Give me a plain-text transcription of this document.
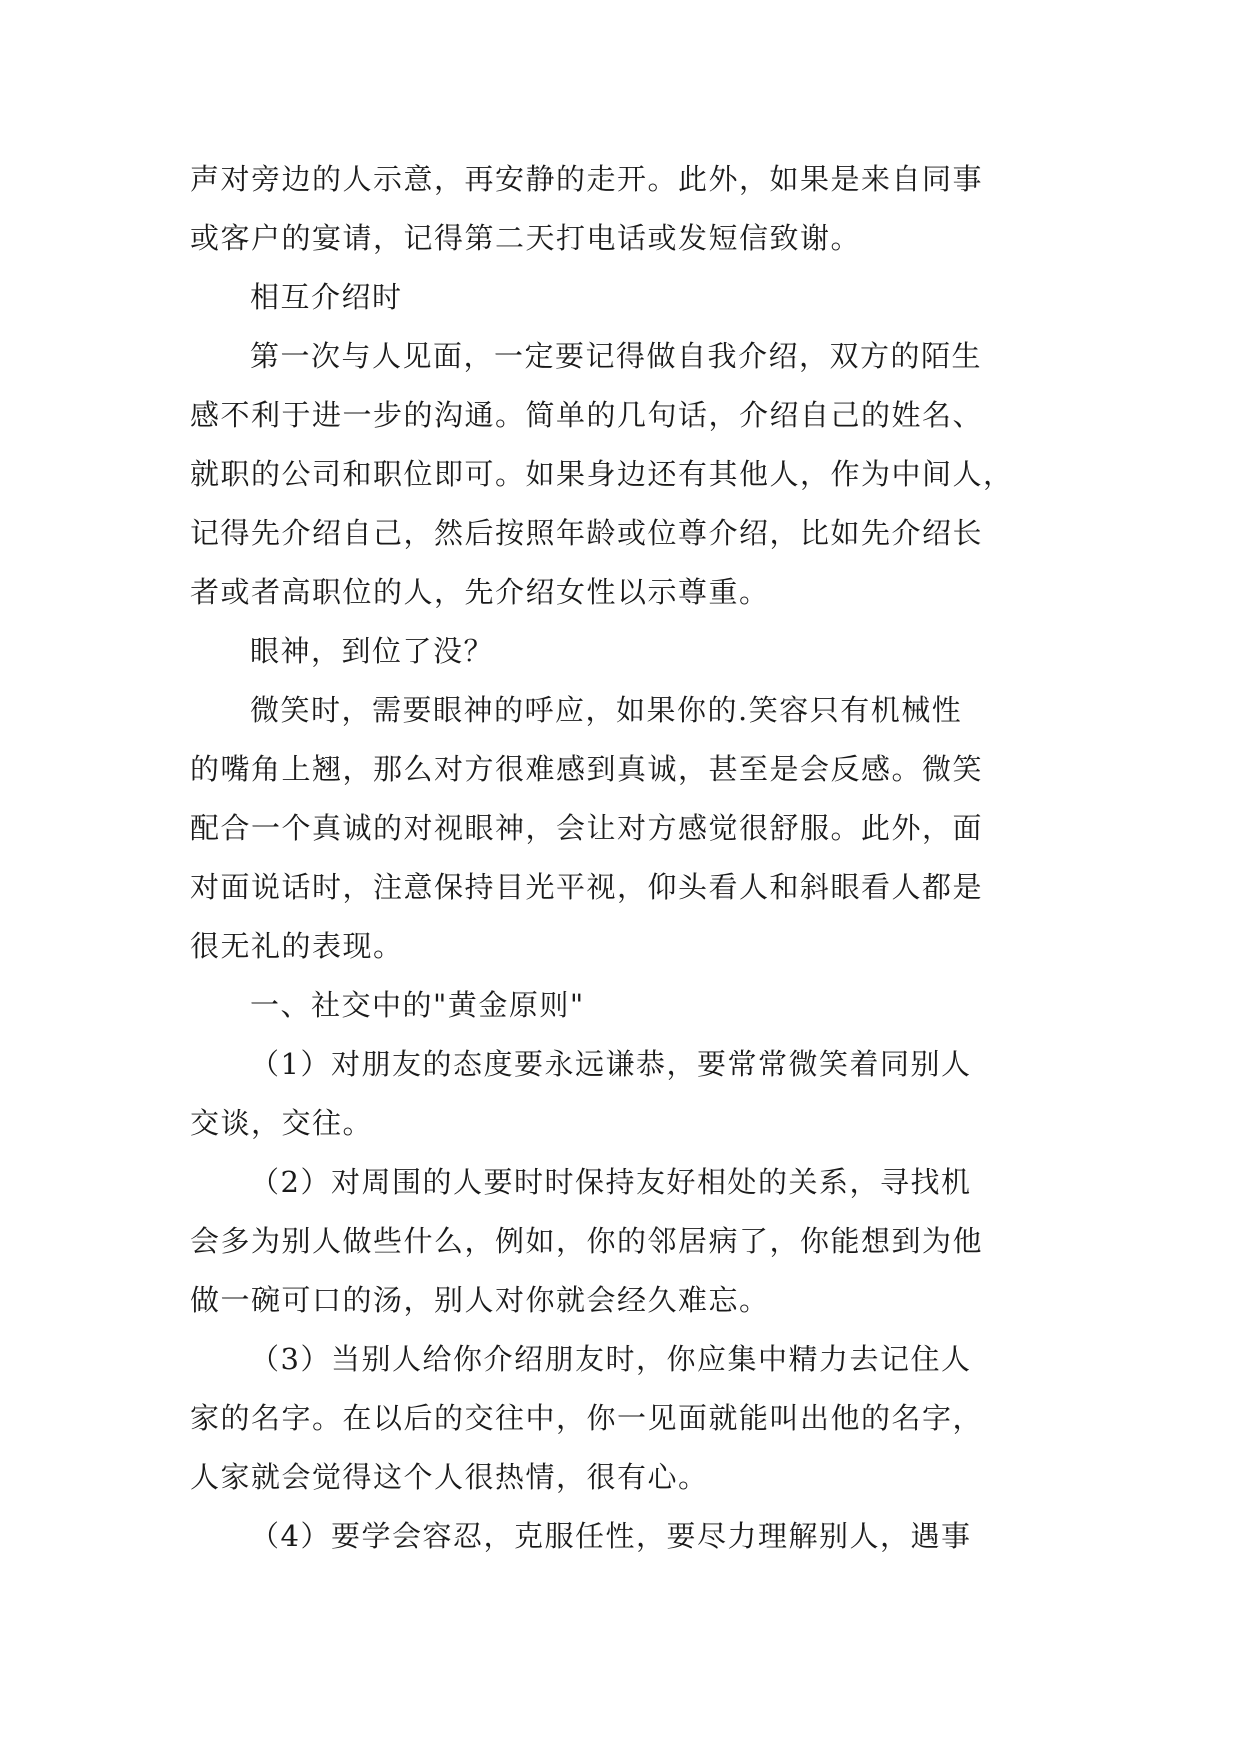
声对旁边的人示意，再安静的走开。此外，如果是来自同事
或客户的宴请，记得第二天打电话或发短信致谢。
相互介绍时
第一次与人见面，一定要记得做自我介绍，双方的陌生
感不利于进一步的沟通。简单的几句话，介绍自己的姓名、
就职的公司和职位即可。如果身边还有其他人，作为中间人，
记得先介绍自己，然后按照年龄或位尊介绍，比如先介绍长
者或者高职位的人，先介绍女性以示尊重。
眼神，到位了没？
微笑时，需要眼神的呼应，如果你的.笑容只有机械性
的嘴角上翘，那么对方很难感到真诚，甚至是会反感。微笑
配合一个真诚的对视眼神，会让对方感觉很舒服。此外，面
对面说话时，注意保持目光平视，仰头看人和斜眼看人都是
很无礼的表现。
一、社交中的"黄金原则"
（1）对朋友的态度要永远谦恭，要常常微笑着同别人
交谈，交往。
（2）对周围的人要时时保持友好相处的关系，寻找机
会多为别人做些什么，例如，你的邻居病了，你能想到为他
做一碗可口的汤，别人对你就会经久难忘。
（3）当别人给你介绍朋友时，你应集中精力去记住人
家的名字。在以后的交往中，你一见面就能叫出他的名字，
人家就会觉得这个人很热情，很有心。
（4）要学会容忍，克服任性，要尽力理解别人，遇事
